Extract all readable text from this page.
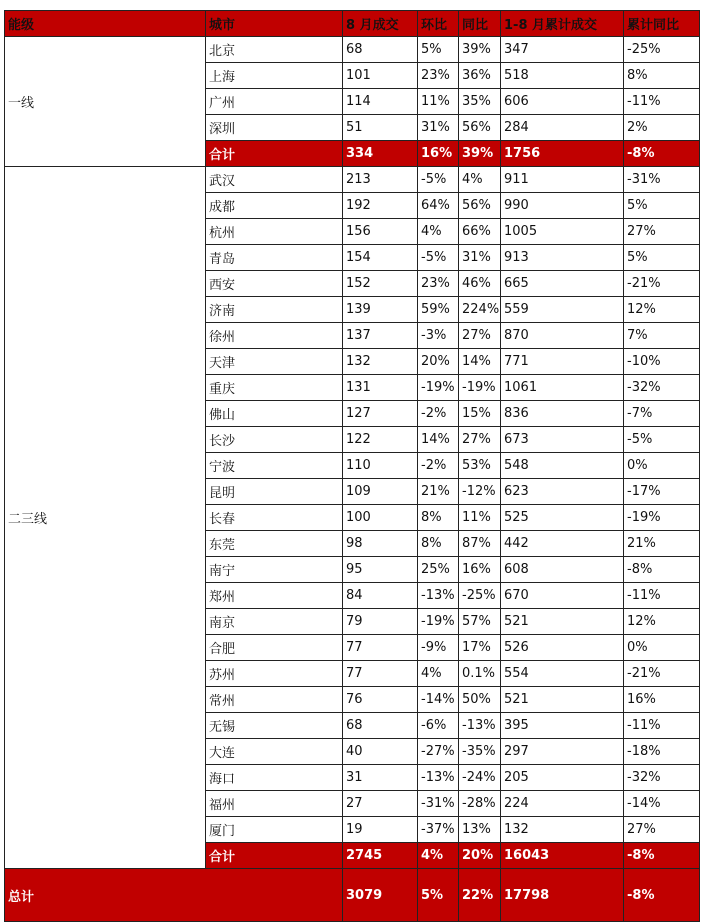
能级	城市	8 月成交	环比	同比	1-8 月累计成交	累计同比
一线	北京	68	5%	39%	347	-25%
	上海	101	23%	36%	518	8%
	广州	114	11%	35%	606	-11%
	深圳	51	31%	56%	284	2%
	合计	334	16%	39%	1756	-8%
二三线	武汉	213	-5%	4%	911	-31%
	成都	192	64%	56%	990	5%
	杭州	156	4%	66%	1005	27%
	青岛	154	-5%	31%	913	5%
	西安	152	23%	46%	665	-21%
	济南	139	59%	224%	559	12%
	徐州	137	-3%	27%	870	7%
	天津	132	20%	14%	771	-10%
	重庆	131	-19%	-19%	1061	-32%
	佛山	127	-2%	15%	836	-7%
	长沙	122	14%	27%	673	-5%
	宁波	110	-2%	53%	548	0%
	昆明	109	21%	-12%	623	-17%
	长春	100	8%	11%	525	-19%
	东莞	98	8%	87%	442	21%
	南宁	95	25%	16%	608	-8%
	郑州	84	-13%	-25%	670	-11%
	南京	79	-19%	57%	521	12%
	合肥	77	-9%	17%	526	0%
	苏州	77	4%	0.1%	554	-21%
	常州	76	-14%	50%	521	16%
	无锡	68	-6%	-13%	395	-11%
	大连	40	-27%	-35%	297	-18%
	海口	31	-13%	-24%	205	-32%
	福州	27	-31%	-28%	224	-14%
	厦门	19	-37%	13%	132	27%
	合计	2745	4%	20%	16043	-8%
总计		3079	5%	22%	17798	-8%
